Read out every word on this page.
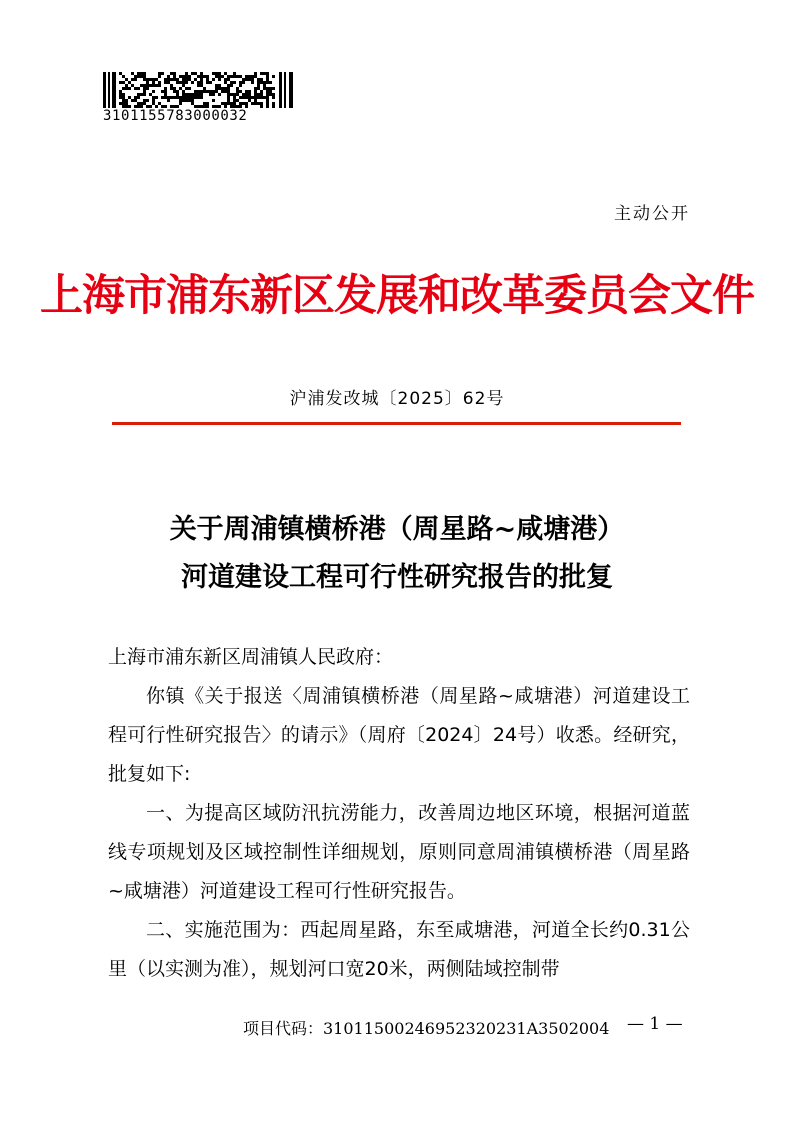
3101155783000032
主动公开
上海市浦东新区发展和改革委员会文件
沪浦发改城〔2025〕62号
关于周浦镇横桥港（周星路~咸塘港）
河道建设工程可行性研究报告的批复
上海市浦东新区周浦镇人民政府：

你镇《关于报送〈周浦镇横桥港（周星路~咸塘港）河道建设工程可行性研究报告〉的请示》（周府〔2024〕24号）收悉。经研究，批复如下:

一、为提高区域防汛抗涝能力，改善周边地区环境，根据河道蓝线专项规划及区域控制性详细规划，原则同意周浦镇横桥港（周星路~咸塘港）河道建设工程可行性研究报告。

二、实施范围为：西起周星路，东至咸塘港，河道全长约0.31公里（以实测为准），规划河口宽20米，两侧陆域控制带

项目代码：31011500246952320231A3502004 — 1 —
